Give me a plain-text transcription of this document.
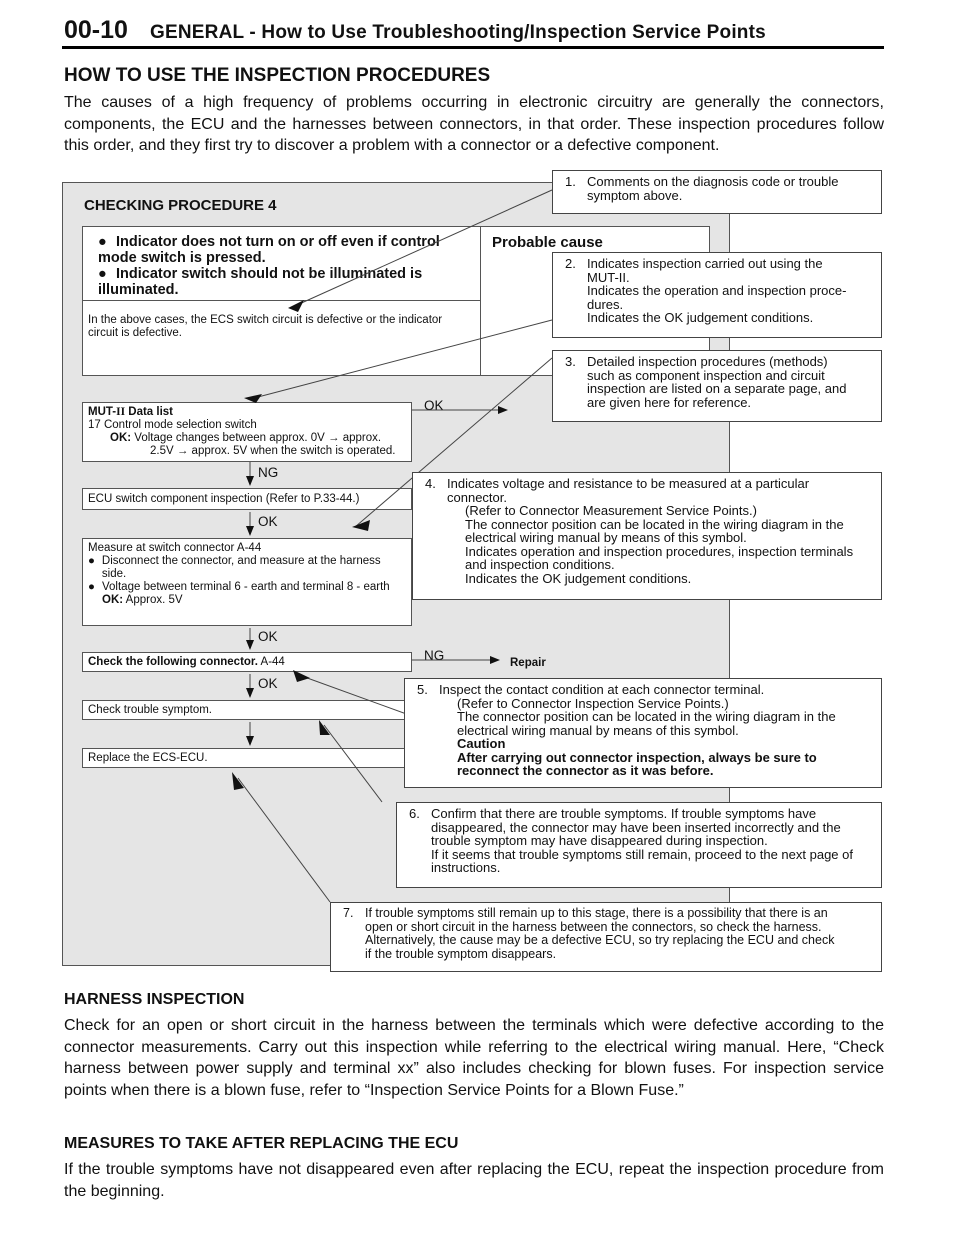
00-10 GENERAL - How to Use Troubleshooting/Inspection Service Points
HOW TO USE THE INSPECTION PROCEDURES
The causes of a high frequency of problems occurring in electronic circuitry are generally the connectors, components, the ECU and the harnesses between connectors, in that order. These inspection procedures follow this order, and they first try to discover a problem with a connector or a defective component.
CHECKING PROCEDURE 4
● Indicator does not turn on or off even if control mode switch is pressed.
● Indicator switch should not be illuminated is illuminated.
Probable cause
In the above cases, the ECS switch circuit is defective or the indicator circuit is defective.
MUT-II Data list
17 Control mode selection switch
OK: Voltage changes between approx. 0V → approx.
2.5V → approx. 5V when the switch is operated.
ECU switch component inspection (Refer to P.33-44.)
Measure at switch connector A-44
● Disconnect the connector, and measure at the harness side.
● Voltage between terminal 6 - earth and terminal 8 - earth
OK: Approx. 5V
Check the following connector. A-44
Check trouble symptom.
Replace the ECS-ECU.
OK
NG
OK
OK
NG	Repair
OK
1. Comments on the diagnosis code or trouble
symptom above.
2. Indicates inspection carried out using the
MUT-II.
Indicates the operation and inspection proce-
dures.
Indicates the OK judgement conditions.
3. Detailed inspection procedures (methods)
such as component inspection and circuit
inspection are listed on a separate page, and
are given here for reference.
4. Indicates voltage and resistance to be measured at a particular
connector.
(Refer to Connector Measurement Service Points.)
The connector position can be located in the wiring diagram in the
electrical wiring manual by means of this symbol.
Indicates operation and inspection procedures, inspection terminals
and inspection conditions.
Indicates the OK judgement conditions.
5. Inspect the contact condition at each connector terminal.
(Refer to Connector Inspection Service Points.)
The connector position can be located in the wiring diagram in the
electrical wiring manual by means of this symbol.
Caution
After carrying out connector inspection, always be sure to
reconnect the connector as it was before.
6. Confirm that there are trouble symptoms. If trouble symptoms have
disappeared, the connector may have been inserted incorrectly and the
trouble symptom may have disappeared during inspection.
If it seems that trouble symptoms still remain, proceed to the next page of
instructions.
7. If trouble symptoms still remain up to this stage, there is a possibility that there is an
open or short circuit in the harness between the connectors, so check the harness.
Alternatively, the cause may be a defective ECU, so try replacing the ECU and check
if the trouble symptom disappears.
HARNESS INSPECTION
Check for an open or short circuit in the harness between the terminals which were defective according to the connector measurements. Carry out this inspection while referring to the electrical wiring manual. Here, “Check harness between power supply and terminal xx” also includes checking for blown fuses. For inspection service points when there is a blown fuse, refer to “Inspection Service Points for a Blown Fuse.”
MEASURES TO TAKE AFTER REPLACING THE ECU
If the trouble symptoms have not disappeared even after replacing the ECU, repeat the inspection procedure from the beginning.
